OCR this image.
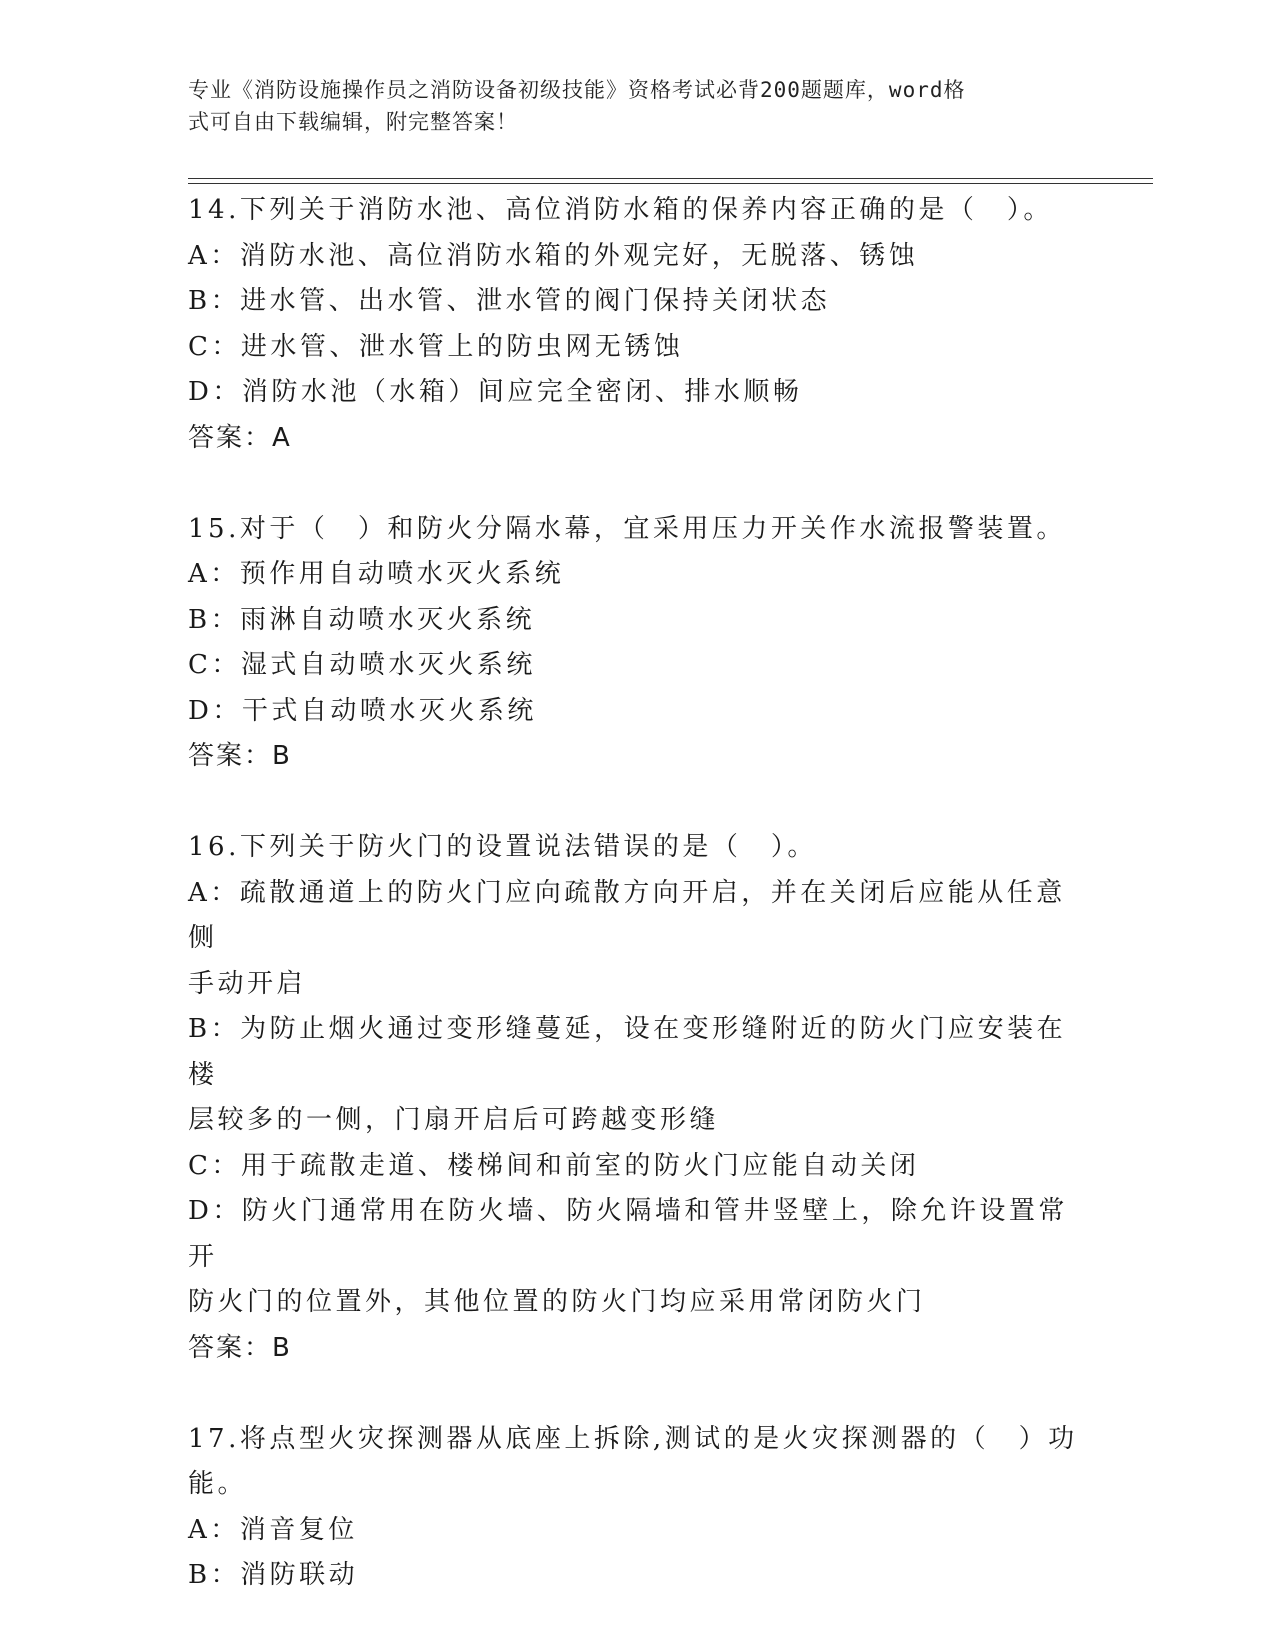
专业《消防设施操作员之消防设备初级技能》资格考试必背200题题库，word格
式可自由下载编辑，附完整答案！
14.下列关于消防水池、高位消防水箱的保养内容正确的是（　）。
A：消防水池、高位消防水箱的外观完好，无脱落、锈蚀
B：进水管、出水管、泄水管的阀门保持关闭状态
C：进水管、泄水管上的防虫网无锈蚀
D：消防水池（水箱）间应完全密闭、排水顺畅
答案：A
15.对于（　）和防火分隔水幕，宜采用压力开关作水流报警装置。
A：预作用自动喷水灭火系统
B：雨淋自动喷水灭火系统
C：湿式自动喷水灭火系统
D：干式自动喷水灭火系统
答案：B
16.下列关于防火门的设置说法错误的是（　）。
A：疏散通道上的防火门应向疏散方向开启，并在关闭后应能从任意侧
手动开启
B：为防止烟火通过变形缝蔓延，设在变形缝附近的防火门应安装在楼
层较多的一侧，门扇开启后可跨越变形缝
C：用于疏散走道、楼梯间和前室的防火门应能自动关闭
D：防火门通常用在防火墙、防火隔墙和管井竖壁上，除允许设置常开
防火门的位置外，其他位置的防火门均应采用常闭防火门
答案：B
17.将点型火灾探测器从底座上拆除,测试的是火灾探测器的（　）功
能。
A：消音复位
B：消防联动
